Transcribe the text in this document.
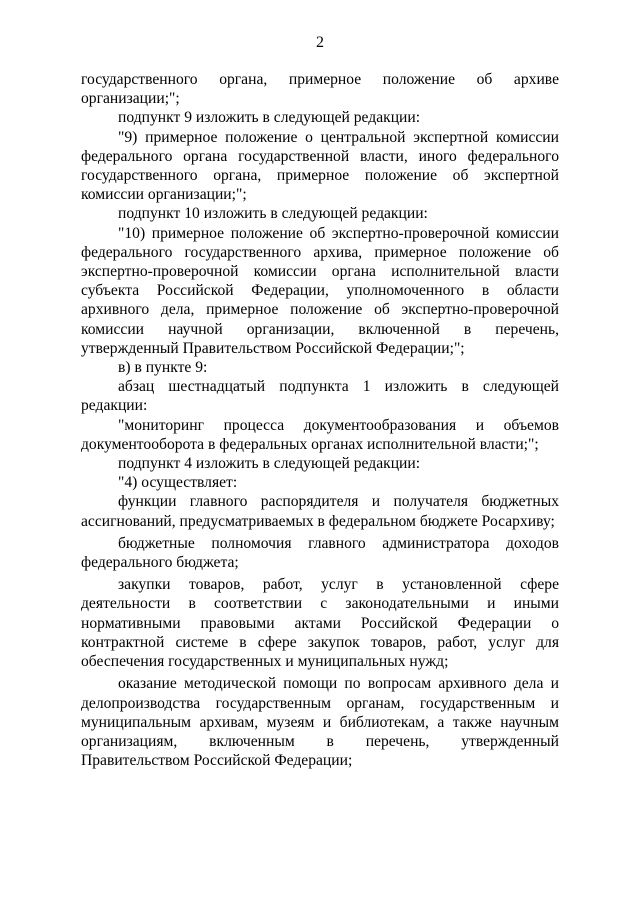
2

государственного органа, примерное положение об архиве организации;";

подпункт 9 изложить в следующей редакции:

"9) примерное положение о центральной экспертной комиссии федерального органа государственной власти, иного федерального государственного органа, примерное положение об экспертной комиссии организации;";

подпункт 10 изложить в следующей редакции:

"10) примерное положение об экспертно-проверочной комиссии федерального государственного архива, примерное положение об экспертно-проверочной комиссии органа исполнительной власти субъекта Российской Федерации, уполномоченного в области архивного дела, примерное положение об экспертно-проверочной комиссии научной организации, включенной в перечень, утвержденный Правительством Российской Федерации;";

в) в пункте 9:

абзац шестнадцатый подпункта 1 изложить в следующей редакции:

"мониторинг процесса документообразования и объемов документооборота в федеральных органах исполнительной власти;";

подпункт 4 изложить в следующей редакции:

"4) осуществляет:

функции главного распорядителя и получателя бюджетных ассигнований, предусматриваемых в федеральном бюджете Росархиву;

бюджетные полномочия главного администратора доходов федерального бюджета;

закупки товаров, работ, услуг в установленной сфере деятельности в соответствии с законодательными и иными нормативными правовыми актами Российской Федерации о контрактной системе в сфере закупок товаров, работ, услуг для обеспечения государственных и муниципальных нужд;

оказание методической помощи по вопросам архивного дела и делопроизводства государственным органам, государственным и муниципальным архивам, музеям и библиотекам, а также научным организациям, включенным в перечень, утвержденный Правительством Российской Федерации;
